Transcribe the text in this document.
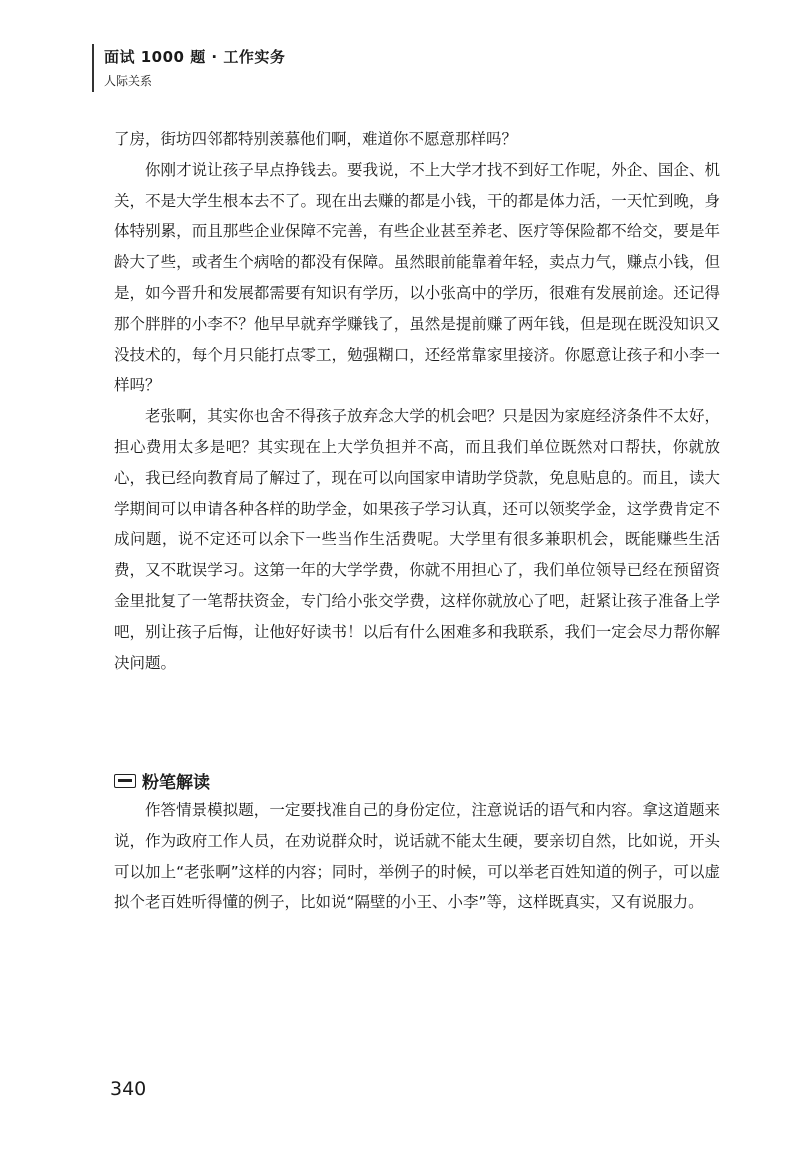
面试 1000 题 · 工作实务
人际关系

了房，街坊四邻都特别羡慕他们啊，难道你不愿意那样吗？

你刚才说让孩子早点挣钱去。要我说，不上大学才找不到好工作呢，外企、国企、机关，不是大学生根本去不了。现在出去赚的都是小钱，干的都是体力活，一天忙到晚，身体特别累，而且那些企业保障不完善，有些企业甚至养老、医疗等保险都不给交，要是年龄大了些，或者生个病啥的都没有保障。虽然眼前能靠着年轻，卖点力气，赚点小钱，但是，如今晋升和发展都需要有知识有学历，以小张高中的学历，很难有发展前途。还记得那个胖胖的小李不？他早早就弃学赚钱了，虽然是提前赚了两年钱，但是现在既没知识又没技术的，每个月只能打点零工，勉强糊口，还经常靠家里接济。你愿意让孩子和小李一样吗？

老张啊，其实你也舍不得孩子放弃念大学的机会吧？只是因为家庭经济条件不太好，担心费用太多是吧？其实现在上大学负担并不高，而且我们单位既然对口帮扶，你就放心，我已经向教育局了解过了，现在可以向国家申请助学贷款，免息贴息的。而且，读大学期间可以申请各种各样的助学金，如果孩子学习认真，还可以领奖学金，这学费肯定不成问题，说不定还可以余下一些当作生活费呢。大学里有很多兼职机会，既能赚些生活费，又不耽误学习。这第一年的大学学费，你就不用担心了，我们单位领导已经在预留资金里批复了一笔帮扶资金，专门给小张交学费，这样你就放心了吧，赶紧让孩子准备上学吧，别让孩子后悔，让他好好读书！以后有什么困难多和我联系，我们一定会尽力帮你解决问题。

粉笔解读

作答情景模拟题，一定要找准自己的身份定位，注意说话的语气和内容。拿这道题来说，作为政府工作人员，在劝说群众时，说话就不能太生硬，要亲切自然，比如说，开头可以加上“老张啊”这样的内容；同时，举例子的时候，可以举老百姓知道的例子，可以虚拟个老百姓听得懂的例子，比如说“隔壁的小王、小李”等，这样既真实，又有说服力。

340
